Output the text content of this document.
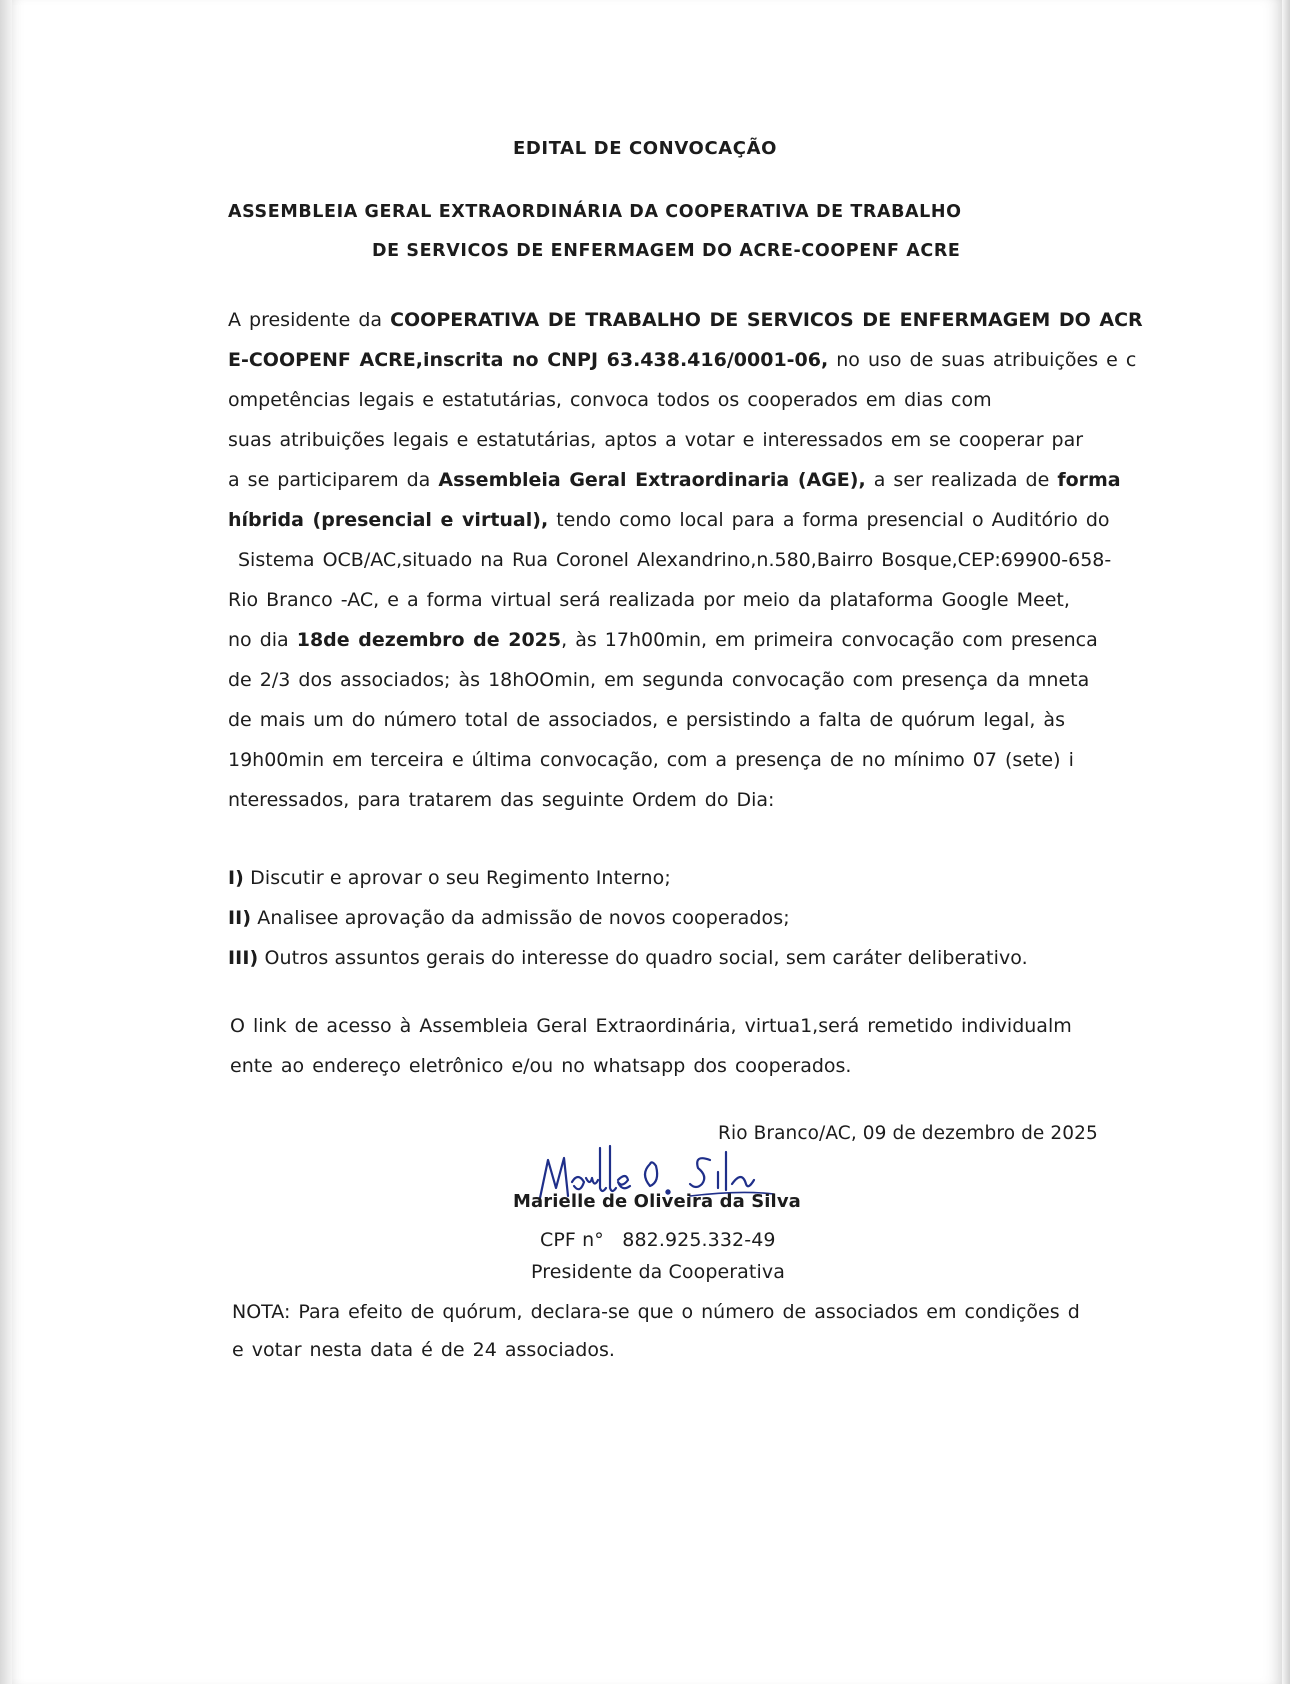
EDITAL DE CONVOCAÇÃO
ASSEMBLEIA GERAL EXTRAORDINÁRIA DA COOPERATIVA DE TRABALHO
DE SERVICOS DE ENFERMAGEM DO ACRE-COOPENF ACRE
A presidente da COOPERATIVA DE TRABALHO DE SERVICOS DE ENFERMAGEM DO ACR
E-COOPENF ACRE,inscrita no CNPJ 63.438.416/0001-06, no uso de suas atribuições e c
ompetências legais e estatutárias, convoca todos os cooperados em dias com
suas atribuições legais e estatutárias, aptos a votar e interessados em se cooperar par
a se participarem da Assembleia Geral Extraordinaria (AGE), a ser realizada de forma
híbrida (presencial e virtual), tendo como local para a forma presencial o Auditório do
Sistema OCB/AC,situado na Rua Coronel Alexandrino,n.580,Bairro Bosque,CEP:69900-658-
Rio Branco -AC, e a forma virtual será realizada por meio da plataforma Google Meet,
no dia 18de dezembro de 2025, às 17h00min, em primeira convocação com presenca
de 2/3 dos associados; às 18hOOmin, em segunda convocação com presença da mneta
de mais um do número total de associados, e persistindo a falta de quórum legal, às
19h00min em terceira e última convocação, com a presença de no mínimo 07 (sete) i
nteressados, para tratarem das seguinte Ordem do Dia:
I) Discutir e aprovar o seu Regimento Interno;
II) Analisee aprovação da admissão de novos cooperados;
III) Outros assuntos gerais do interesse do quadro social, sem caráter deliberativo.
O link de acesso à Assembleia Geral Extraordinária, virtua1,será remetido individualm
ente ao endereço eletrônico e/ou no whatsapp dos cooperados.
Rio Branco/AC, 09 de dezembro de 2025
Marielle de Oliveira da Silva
CPF n° 882.925.332-49
Presidente da Cooperativa
NOTA: Para efeito de quórum, declara-se que o número de associados em condições d
e votar nesta data é de 24 associados.
